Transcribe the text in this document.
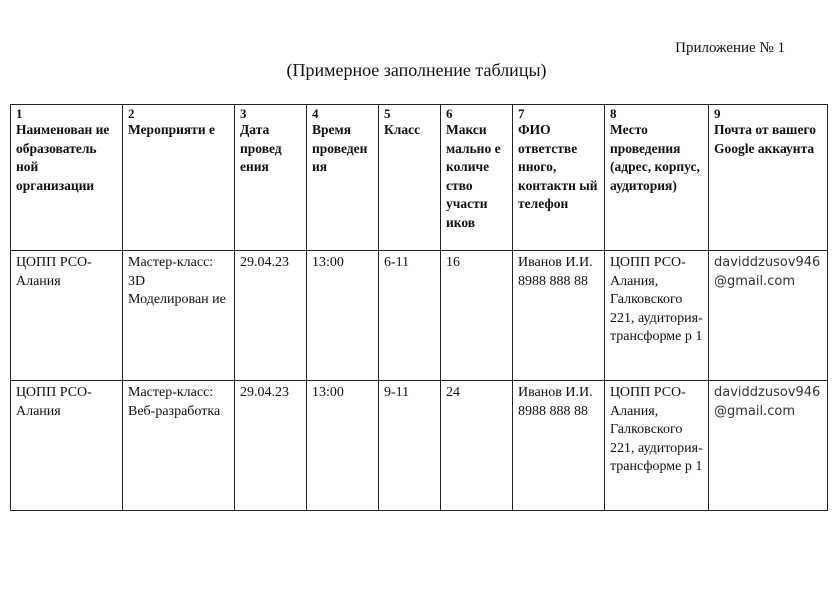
Приложение № 1
(Примерное заполнение таблицы)
1	2	3	4	5	6	7	8	9
Наименован ие образователь ной организации	Мероприяти е	Дата провед ения	Время проведения	Класс	Макси мально е количе ство участн иков	ФИО ответстве нного, контактн ый телефон	Место проведения (адрес, корпус, аудитория)	Почта от вашего Google аккаунта
ЦОПП РСО-Алания	Мастер-класс: 3D Моделирован ие	29.04.23	13:00	6-11	16	Иванов И.И. 8988 888 88	ЦОПП РСО-Алания, Галковского 221, аудитория-трансформе р 1	daviddzusov946 @gmail.com
ЦОПП РСО-Алания	Мастер-класс: Веб-разработка	29.04.23	13:00	9-11	24	Иванов И.И. 8988 888 88	ЦОПП РСО-Алания, Галковского 221, аудитория-трансформе р 1	daviddzusov946 @gmail.com
